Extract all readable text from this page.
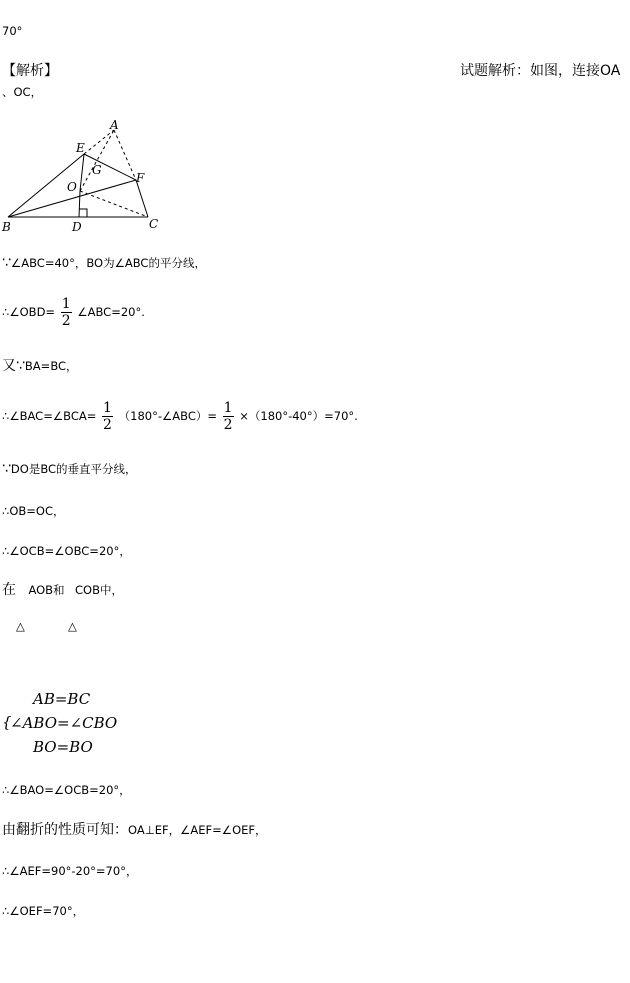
70°
【解析】	试题解析：如图，连接OA
、OC，
A
E
G
F
O
B	D	C
∵∠ABC=40°，BO为∠ABC的平分线，
∴∠OBD= $\frac{1}{2}$ ∠ABC=20°.
又∵BA=BC，
∴∠BAC=∠BCA= $\frac{1}{2}$ （180°-∠ABC）= $\frac{1}{2} \times(180^\circ-40^\circ)=70^\circ$.
∵DO是BC的垂直平分线，
∴OB=OC，
∴∠OCB=∠OBC=20°，
在 AOB和 COB中，
△	△
{
AB=BC
∠ABO=∠CBO
BO=BO
∴∠BAO=∠OCB=20°，
由翻折的性质可知：OA⊥EF，∠AEF=∠OEF，
∴∠AEF=90°-20°=70°，
∴∠OEF=70°，
